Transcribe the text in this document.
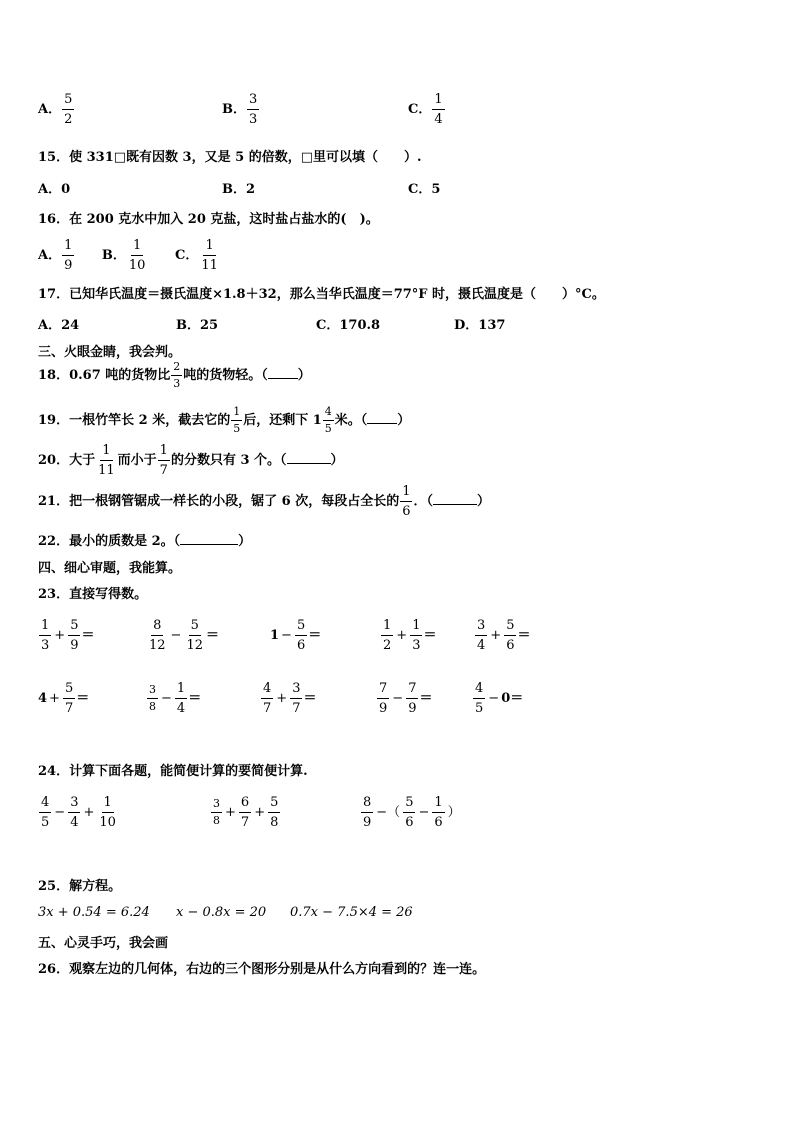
A． $\frac{5}{2}$	B． $\frac{3}{3}$	C． $\frac{1}{4}$
15．使 331□既有因数 3，又是 5 的倍数，□里可以填（　　）.
A．0	B．2	C．5
16．在 200 克水中加入 20 克盐，这时盐占盐水的(　)。
A． $\frac{1}{9}$ B． $\frac{1}{10}$ C． $\frac{1}{11}$
17．已知华氏温度＝摄氏温度×1.8＋32，那么当华氏温度＝77°F 时，摄氏温度是（　　）°C。
A．24	B．25	C．170.8	D．137
三、火眼金睛，我会判。
18．0.67 吨的货物比 $\frac{2}{3}$ 吨的货物轻。（ ）
19．一根竹竿长 2 米，截去它的 $\frac{1}{5}$ 后，还剩下 $1 \frac{4}{5}$ 米。（ ）
20．大于 $\frac{1}{11}$ 而小于 $\frac{1}{7}$ 的分数只有 3 个。（	）
21．把一根钢管锯成一样长的小段，锯了 6 次，每段占全长的 $\frac{1}{6}$ ．（	）
22．最小的质数是 2。（	）
四、细心审题，我能算。
23．直接写得数。
$\frac{1}{3} + \frac{5}{9}$ ＝	$\frac{8}{12} - \frac{5}{12}$ ＝	$1 - \frac{5}{6}$ ＝	$\frac{1}{2} + \frac{1}{3}$ ＝	$\frac{3}{4} + \frac{5}{6}$ ＝
$4 + \frac{5}{7}$ ＝	$\frac{3}{8} - \frac{1}{4}$ ＝	$\frac{4}{7} + \frac{3}{7}$ ＝	$\frac{7}{9} - \frac{7}{9}$ ＝	$\frac{4}{5} - 0=$
24．计算下面各题，能简便计算的要简便计算.
$\frac{4}{5} - \frac{3}{4} + \frac{1}{10}$	$\frac{3}{8} + \frac{6}{7} + \frac{5}{8}$	$\frac{8}{9}$ −（ $\frac{5}{6} - \frac{1}{6}$ ）
25．解方程。
3x + 0.54 = 6.24 x − 0.8x = 20 0.7x − 7.5×4 = 26
五、心灵手巧，我会画
26．观察左边的几何体，右边的三个图形分别是从什么方向看到的？连一连。
